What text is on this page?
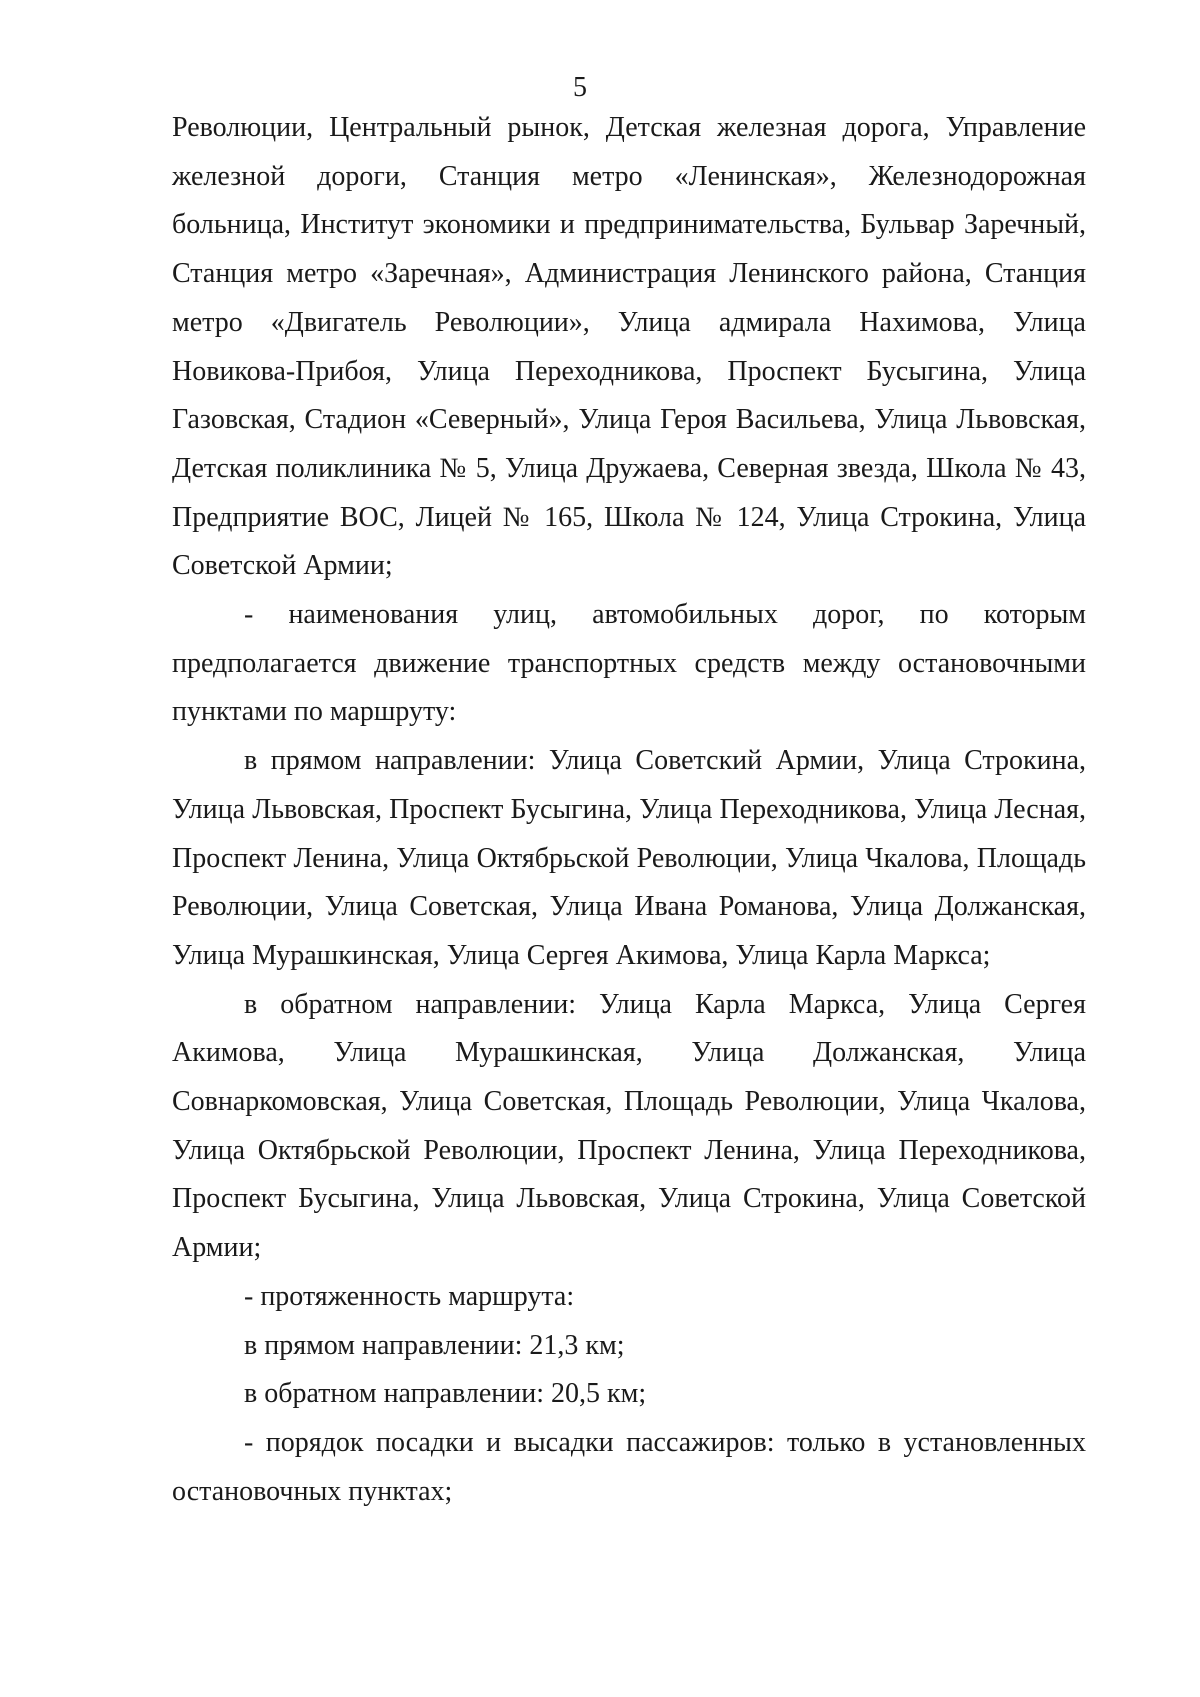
5

Революции, Центральный рынок, Детская железная дорога, Управление железной дороги, Станция метро «Ленинская», Железнодорожная больница, Институт экономики и предпринимательства, Бульвар Заречный, Станция метро «Заречная», Администрация Ленинского района, Станция метро «Двигатель Революции», Улица адмирала Нахимова, Улица Новикова-Прибоя, Улица Переходникова, Проспект Бусыгина, Улица Газовская, Стадион «Северный», Улица Героя Васильева, Улица Львовская, Детская поликлиника № 5, Улица Дружаева, Северная звезда, Школа № 43, Предприятие ВОС, Лицей № 165, Школа № 124, Улица Строкина, Улица Советской Армии;

- наименования улиц, автомобильных дорог, по которым предполагается движение транспортных средств между остановочными пунктами по маршруту:

в прямом направлении: Улица Советский Армии, Улица Строкина, Улица Львовская, Проспект Бусыгина, Улица Переходникова, Улица Лесная, Проспект Ленина, Улица Октябрьской Революции, Улица Чкалова, Площадь Революции, Улица Советская, Улица Ивана Романова, Улица Должанская, Улица Мурашкинская, Улица Сергея Акимова, Улица Карла Маркса;

в обратном направлении: Улица Карла Маркса, Улица Сергея Акимова, Улица Мурашкинская, Улица Должанская, Улица Совнаркомовская, Улица Советская, Площадь Революции, Улица Чкалова, Улица Октябрьской Революции, Проспект Ленина, Улица Переходникова, Проспект Бусыгина, Улица Львовская, Улица Строкина, Улица Советской Армии;

- протяженность маршрута:

в прямом направлении: 21,3 км;

в обратном направлении: 20,5 км;

- порядок посадки и высадки пассажиров: только в установленных остановочных пунктах;
